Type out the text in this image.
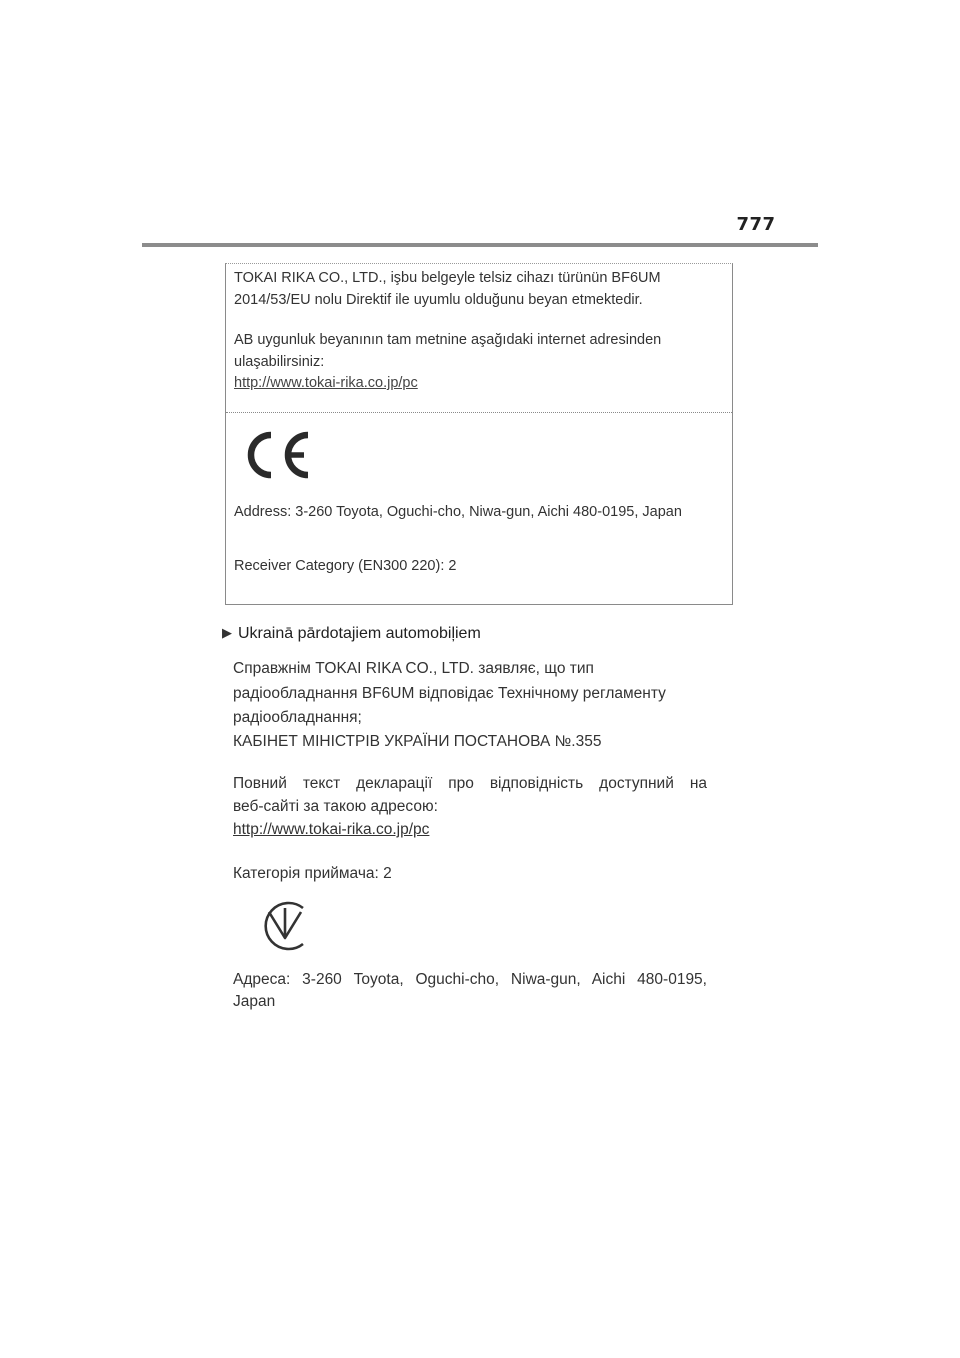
777
TOKAI RIKA CO., LTD., işbu belgeyle telsiz cihazı türünün BF6UM
2014/53/EU nolu Direktif ile uyumlu olduğunu beyan etmektedir.
AB uygunluk beyanının tam metnine aşağıdaki internet adresinden
ulaşabilirsiniz:
http://www.tokai-rika.co.jp/pc
Address: 3-260 Toyota, Oguchi-cho, Niwa-gun, Aichi 480-0195, Japan
Receiver Category (EN300 220): 2
▶ Ukrainā pārdotajiem automobiļiem
Справжнім TOKAI RIKA CO., LTD. заявляє, що тип
радіообладнання BF6UM відповідає Технічному регламенту
радіообладнання;
КАБІНЕТ МІНІСТРІВ УКРАЇНИ ПОСТАНОВА №.355
Повний текст декларації про відповідність доступний на
веб-сайті за такою адресою:
http://www.tokai-rika.co.jp/pc
Категорія приймача: 2
Адреса: 3-260 Toyota, Oguchi-cho, Niwa-gun, Aichi 480-0195,
Japan
